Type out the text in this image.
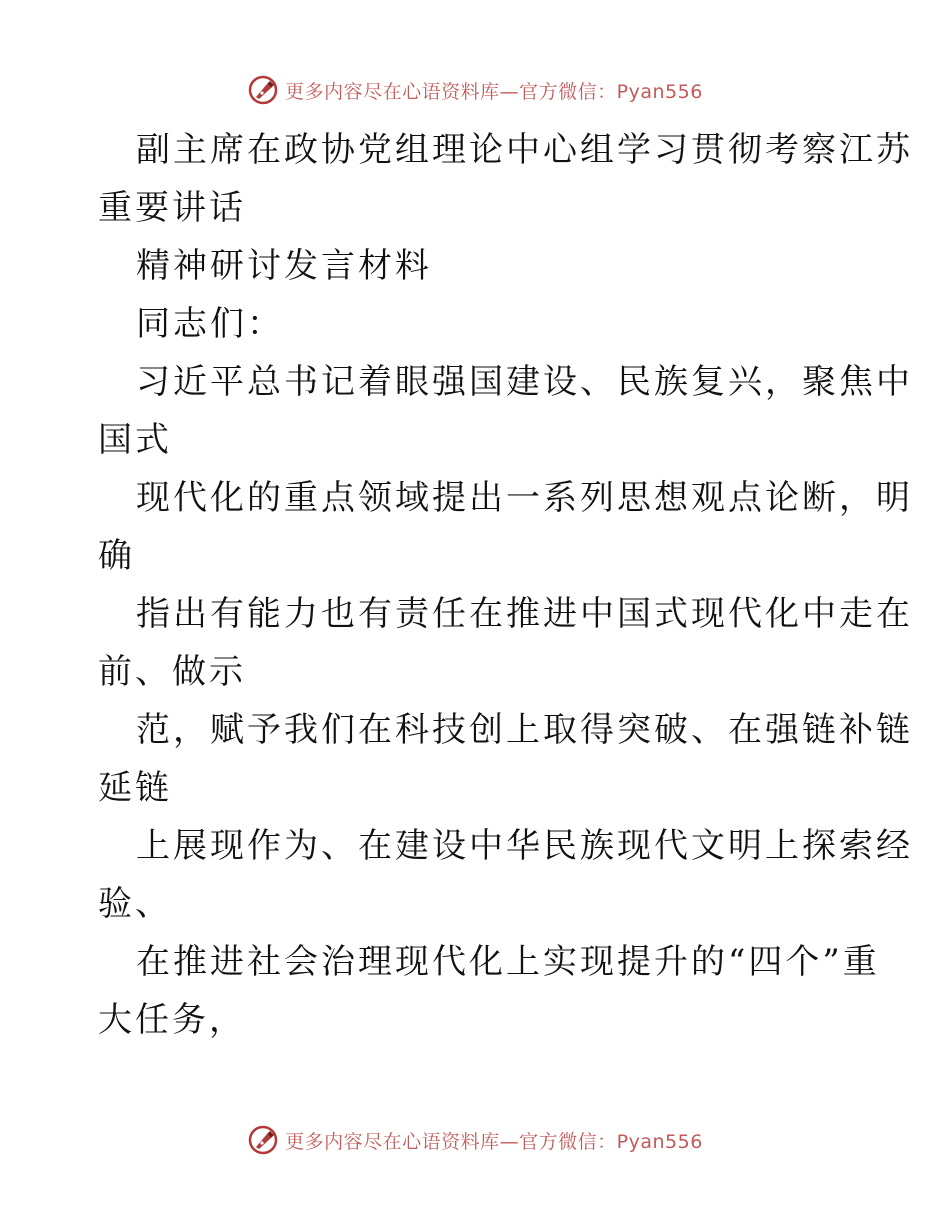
更多内容尽在心语资料库—官方微信：Pyan556
副主席在政协党组理论中心组学习贯彻考察江苏
重要讲话
精神研讨发言材料
同志们：
习近平总书记着眼强国建设、民族复兴，聚焦中
国式
现代化的重点领域提出一系列思想观点论断，明
确
指出有能力也有责任在推进中国式现代化中走在
前、做示
范，赋予我们在科技创上取得突破、在强链补链
延链
上展现作为、在建设中华民族现代文明上探索经
验、
在推进社会治理现代化上实现提升的“四个”重
大任务，
更多内容尽在心语资料库—官方微信：Pyan556
